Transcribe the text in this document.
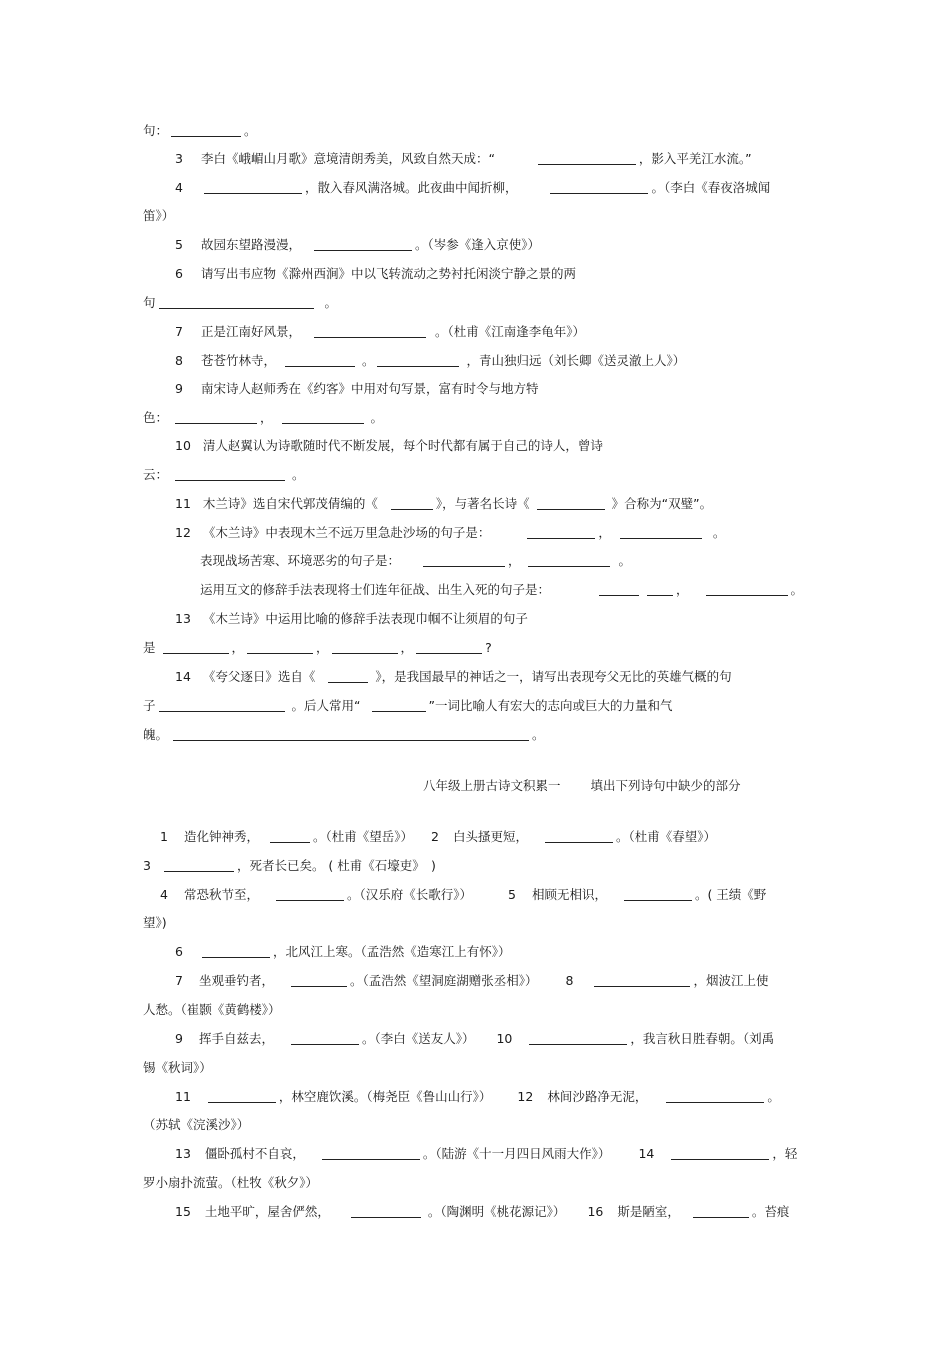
句：	。
3 李白《峨嵋山月歌》意境清朗秀美，风致自然天成：“	，影入平羌江水流。”
4	，散入春风满洛城。此夜曲中闻折柳，	。（李白《春夜洛城闻
笛》）
5 故园东望路漫漫，	。（岑参《逢入京使》）
6 请写出韦应物《滁州西涧》中以飞转流动之势衬托闲淡宁静之景的两
句	。
7 正是江南好风景，	。（杜甫《江南逢李龟年》）
8 苍苍竹林寺，	。	，青山独归远（刘长卿《送灵澈上人》）
9 南宋诗人赵师秀在《约客》中用对句写景，富有时令与地方特
色：	，	。
10 清人赵翼认为诗歌随时代不断发展，每个时代都有属于自己的诗人，曾诗
云：	。
11 木兰诗》选自宋代郭茂倩编的《	》，与著名长诗《	》合称为“双璧”。
12 《木兰诗》中表现木兰不远万里急赴沙场的句子是：	，	。
表现战场苦寒、环境恶劣的句子是：	，	。
运用互文的修辞手法表现将士们连年征战、出生入死的句子是：	，	。
13 《木兰诗》中运用比喻的修辞手法表现巾帼不让须眉的句子
是	，	，	，	?
14 《夸父逐日》选自《	》，是我国最早的神话之一，请写出表现夸父无比的英雄气概的句
子	。后人常用“	”一词比喻人有宏大的志向或巨大的力量和气
魄。	。
八年级上册古诗文积累一 填出下列诗句中缺少的部分
1 造化钟神秀，	。（杜甫《望岳》） 2 白头搔更短，	。（杜甫《春望》）
3	，死者长已矣。 ( 杜甫《石壕吏》　)
4 常恐秋节至，	。（汉乐府《长歌行》）	5 相顾无相识，	。( 王绩《野
望》)
6	，北风江上寒。（孟浩然《造寒江上有怀》）
7 坐观垂钓者，	。（孟浩然《望洞庭湖赠张丞相》） 8	，烟波江上使
人愁。（崔颢《黄鹤楼》）
9 挥手自兹去，	。（李白《送友人》） 10	，我言秋日胜春朝。（刘禹
锡《秋词》）
11	，林空鹿饮溪。（梅尧臣《鲁山山行》） 12 林间沙路净无泥，	。
（苏轼《浣溪沙》）
13 僵卧孤村不自哀，	。（陆游《十一月四日风雨大作》） 14	，轻
罗小扇扑流萤。（杜牧《秋夕》）
15 土地平旷，屋舍俨然，	。（陶渊明《桃花源记》） 16 斯是陋室，	。苔痕
